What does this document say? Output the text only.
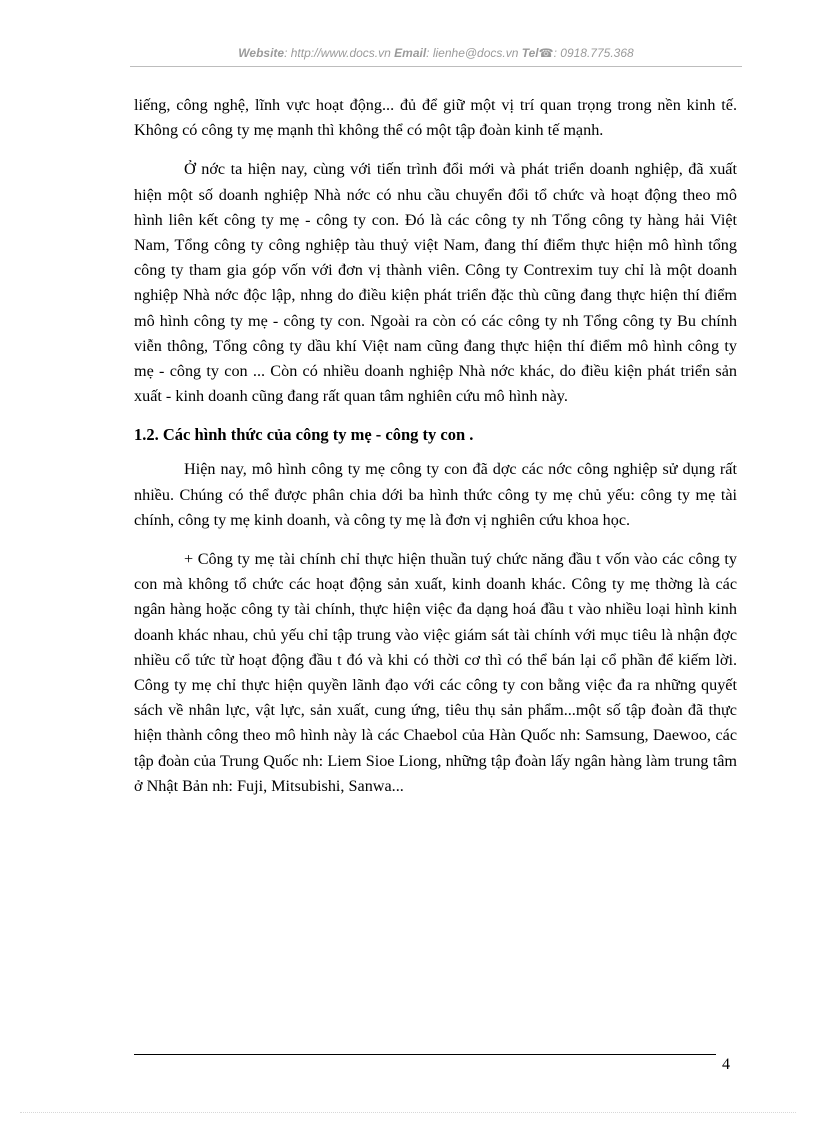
Website: http://www.docs.vn Email: lienhe@docs.vn Tel☎: 0918.775.368

liếng, công nghệ, lĩnh vực hoạt động... đủ để giữ một vị trí quan trọng trong nền kinh tế. Không có công ty mẹ mạnh thì không thể có một tập đoàn kinh tế mạnh.

Ở nớc ta hiện nay, cùng với tiến trình đổi mới và phát triển doanh nghiệp, đã xuất hiện một số doanh nghiệp Nhà nớc có nhu cầu chuyển đổi tổ chức và hoạt động theo mô hình liên kết công ty mẹ - công ty con. Đó là các công ty nh Tổng công ty hàng hải Việt Nam, Tổng công ty công nghiệp tàu thuỷ việt Nam, đang thí điểm thực hiện mô hình tổng công ty tham gia góp vốn với đơn vị thành viên. Công ty Contrexim tuy chỉ là một doanh nghiệp Nhà nớc độc lập, nhng do điều kiện phát triển đặc thù cũng đang thực hiện thí điểm mô hình công ty mẹ - công ty con. Ngoài ra còn có các công ty nh Tổng công ty Bu chính viễn thông, Tổng công ty dầu khí Việt nam cũng đang thực hiện thí điểm mô hình công ty mẹ - công ty con ... Còn có nhiều doanh nghiệp Nhà nớc khác, do điều kiện phát triển sản xuất - kinh doanh cũng đang rất quan tâm nghiên cứu mô hình này.

1.2. Các hình thức của công ty mẹ - công ty con .

Hiện nay, mô hình công ty mẹ công ty con đã dợc các nớc công nghiệp sử dụng rất nhiều. Chúng có thể được phân chia dới ba hình thức công ty mẹ chủ yếu: công ty mẹ tài chính, công ty mẹ kinh doanh, và công ty mẹ là đơn vị nghiên cứu khoa học.

+ Công ty mẹ tài chính chỉ thực hiện thuần tuý chức năng đầu t vốn vào các công ty con mà không tổ chức các hoạt động sản xuất, kinh doanh khác. Công ty mẹ thờng là các ngân hàng hoặc công ty tài chính, thực hiện việc đa dạng hoá đầu t vào nhiều loại hình kinh doanh khác nhau, chủ yếu chỉ tập trung vào việc giám sát tài chính với mục tiêu là nhận đợc nhiều cổ tức từ hoạt động đầu t đó và khi có thời cơ thì có thể bán lại cổ phần để kiếm lời. Công ty mẹ chỉ thực hiện quyền lãnh đạo với các công ty con bằng việc đa ra những quyết sách về nhân lực, vật lực, sản xuất, cung ứng, tiêu thụ sản phẩm...một số tập đoàn đã thực hiện thành công theo mô hình này là các Chaebol của Hàn Quốc nh: Samsung, Daewoo, các tập đoàn của Trung Quốc nh: Liem Sioe Liong, những tập đoàn lấy ngân hàng làm trung tâm ở Nhật Bản nh: Fuji, Mitsubishi, Sanwa...

4
